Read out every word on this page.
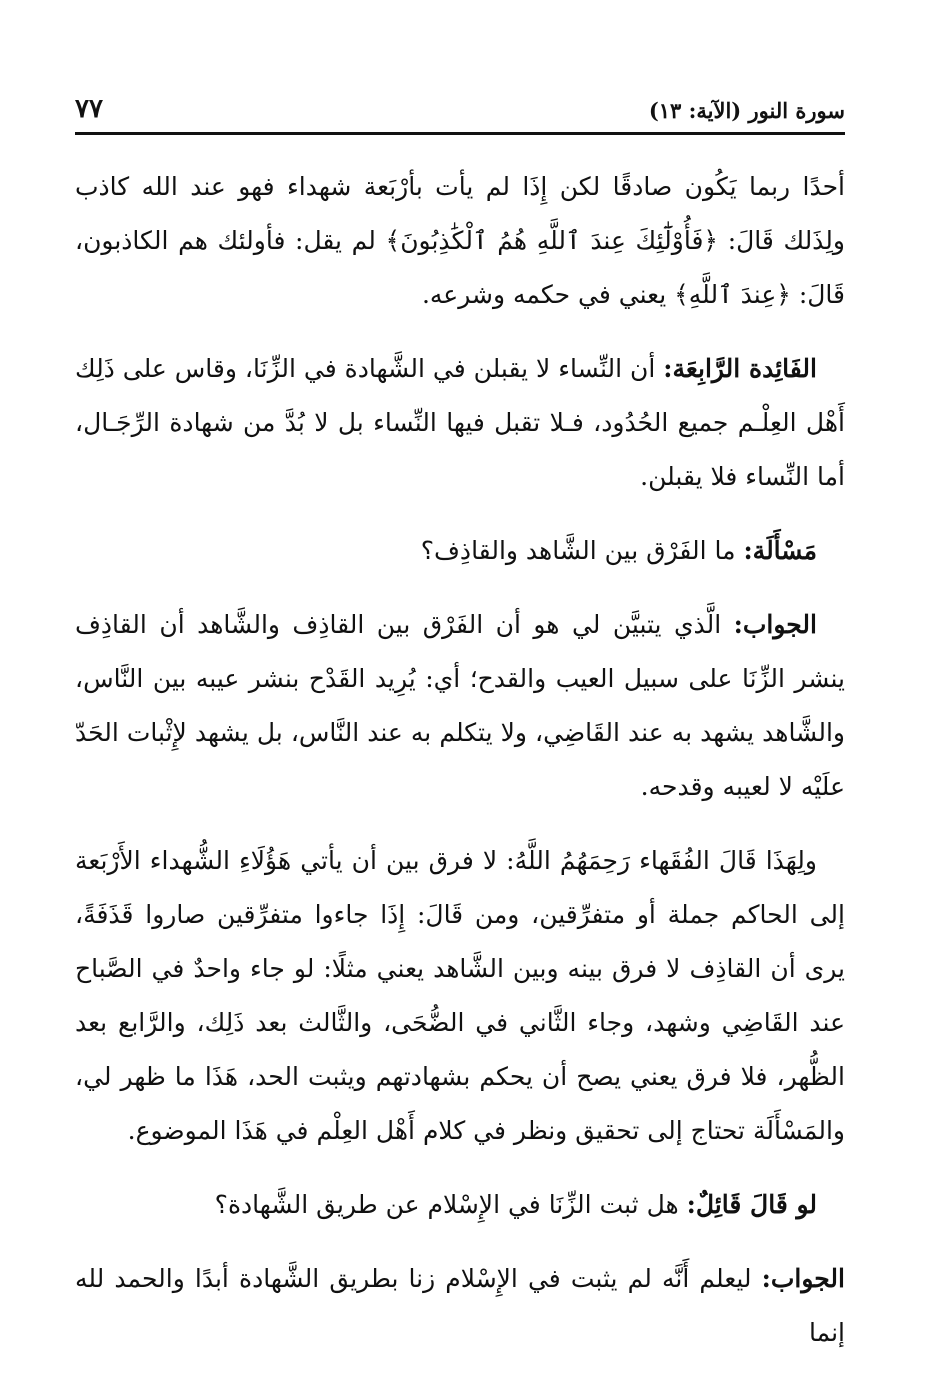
سورة النور (الآية: ١٣)
٧٧

أحدًا ربما يَكُون صادقًا لكن إِذَا لم يأت بأرْبَعة شهداء فهو عند الله كاذب ولِذَلك قَالَ: ﴿فَأُوْلَٰٓئِكَ عِندَ ٱللَّهِ هُمُ ٱلْكَٰذِبُونَ﴾ لم يقل: فأولئك هم الكاذبون، قَالَ: ﴿عِندَ ٱللَّهِ﴾ يعني في حكمه وشرعه.

الفَائِدة الرَّابِعَة: أن النِّساء لا يقبلن في الشَّهادة في الزِّنَا، وقاس على ذَلِك أَهْل العِلْـم جميع الحُدُود، فـلا تقبل فيها النِّساء بل لا بُدَّ من شهادة الرِّجَـال، أما النِّساء فلا يقبلن.

مَسْأَلَة: ما الفَرْق بين الشَّاهد والقاذِف؟

الجواب: الَّذي يتبيَّن لي هو أن الفَرْق بين القاذِف والشَّاهد أن القاذِف ينشر الزِّنَا على سبيل العيب والقدح؛ أي: يُرِيد القَدْح بنشر عيبه بين النَّاس، والشَّاهد يشهد به عند القَاضِي، ولا يتكلم به عند النَّاس، بل يشهد لإِثْبات الحَدّ علَيْه لا لعيبه وقدحه.

ولِهَذَا قَالَ الفُقَهاء رَحِمَهُمُ اللَّهُ: لا فرق بين أن يأتي هَؤُلَاءِ الشُّهداء الأَرْبَعة إلى الحاكم جملة أو متفرِّقين، ومن قَالَ: إِذَا جاءوا متفرِّقين صاروا قَذَفَةً، يرى أن القاذِف لا فرق بينه وبين الشَّاهد يعني مثلًا: لو جاء واحدٌ في الصَّباح عند القَاضِي وشهد، وجاء الثَّاني في الضُّحَى، والثَّالث بعد ذَلِك، والرَّابع بعد الظُّهر، فلا فرق يعني يصح أن يحكم بشهادتهم ويثبت الحد، هَذَا ما ظهر لي، والمَسْأَلَة تحتاج إلى تحقيق ونظر في كلام أَهْل العِلْم في هَذَا الموضوع.

لو قَالَ قَائِلٌ: هل ثبت الزِّنَا في الإِسْلام عن طريق الشَّهادة؟

الجواب: ليعلم أَنَّه لم يثبت في الإِسْلام زنا بطريق الشَّهادة أبدًا والحمد لله إنما
